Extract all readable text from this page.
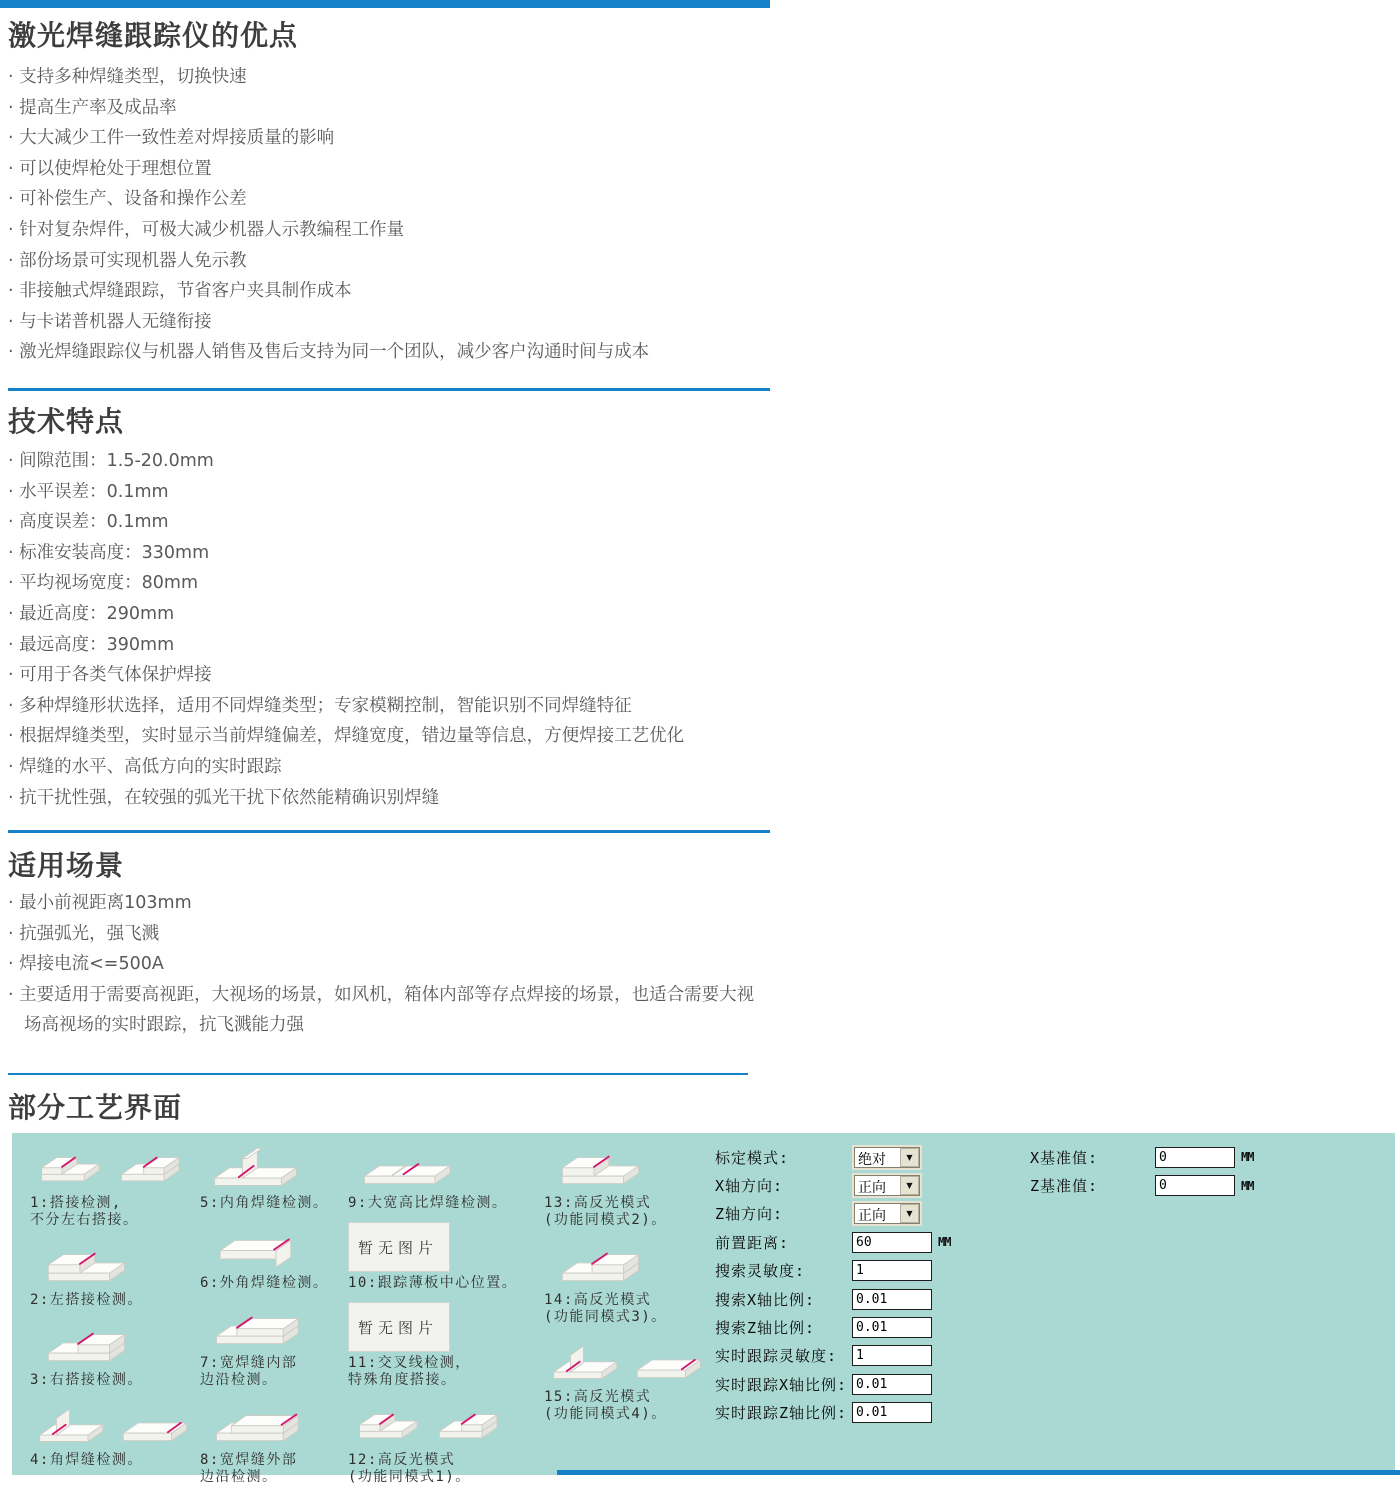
激光焊缝跟踪仪的优点
· 支持多种焊缝类型，切换快速
· 提高生产率及成品率
· 大大减少工件一致性差对焊接质量的影响
· 可以使焊枪处于理想位置
· 可补偿生产、设备和操作公差
· 针对复杂焊件，可极大减少机器人示教编程工作量
· 部份场景可实现机器人免示教
· 非接触式焊缝跟踪，节省客户夹具制作成本
· 与卡诺普机器人无缝衔接
· 激光焊缝跟踪仪与机器人销售及售后支持为同一个团队，减少客户沟通时间与成本
技术特点
· 间隙范围：1.5-20.0mm
· 水平误差：0.1mm
· 高度误差：0.1mm
· 标准安装高度：330mm
· 平均视场宽度：80mm
· 最近高度：290mm
· 最远高度：390mm
· 可用于各类气体保护焊接
· 多种焊缝形状选择，适用不同焊缝类型；专家模糊控制，智能识别不同焊缝特征
· 根据焊缝类型，实时显示当前焊缝偏差，焊缝宽度，错边量等信息，方便焊接工艺优化
· 焊缝的水平、高低方向的实时跟踪
· 抗干扰性强，在较强的弧光干扰下依然能精确识别焊缝
适用场景
· 最小前视距离103mm
· 抗强弧光，强飞溅
· 焊接电流<=500A
· 主要适用于需要高视距，大视场的场景，如风机，箱体内部等存点焊接的场景，也适合需要大视场高视场的实时跟踪，抗飞溅能力强
部分工艺界面
1:搭接检测,
不分左右搭接。
2:左搭接检测。
3:右搭接检测。
4:角焊缝检测。
5:内角焊缝检测。
6:外角焊缝检测。
7:宽焊缝内部
边沿检测。
8:宽焊缝外部
边沿检测。
9:大宽高比焊缝检测。
暂无图片
10:跟踪薄板中心位置。
暂无图片
11:交叉线检测，
特殊角度搭接。
12:高反光模式
(功能同模式1)。
13:高反光模式
(功能同模式2)。
14:高反光模式
(功能同模式3)。
15:高反光模式
(功能同模式4)。
标定模式:	绝对	▼
X轴方向:	正向	▼
Z轴方向:	正向	▼
前置距离:
60	MM
搜索灵敏度:
1
搜索X轴比例:
0.01
搜索Z轴比例:
0.01
实时跟踪灵敏度:
1
实时跟踪X轴比例:
0.01
实时跟踪Z轴比例:
0.01
X基准值:
0	MM
Z基准值:
0	MM
